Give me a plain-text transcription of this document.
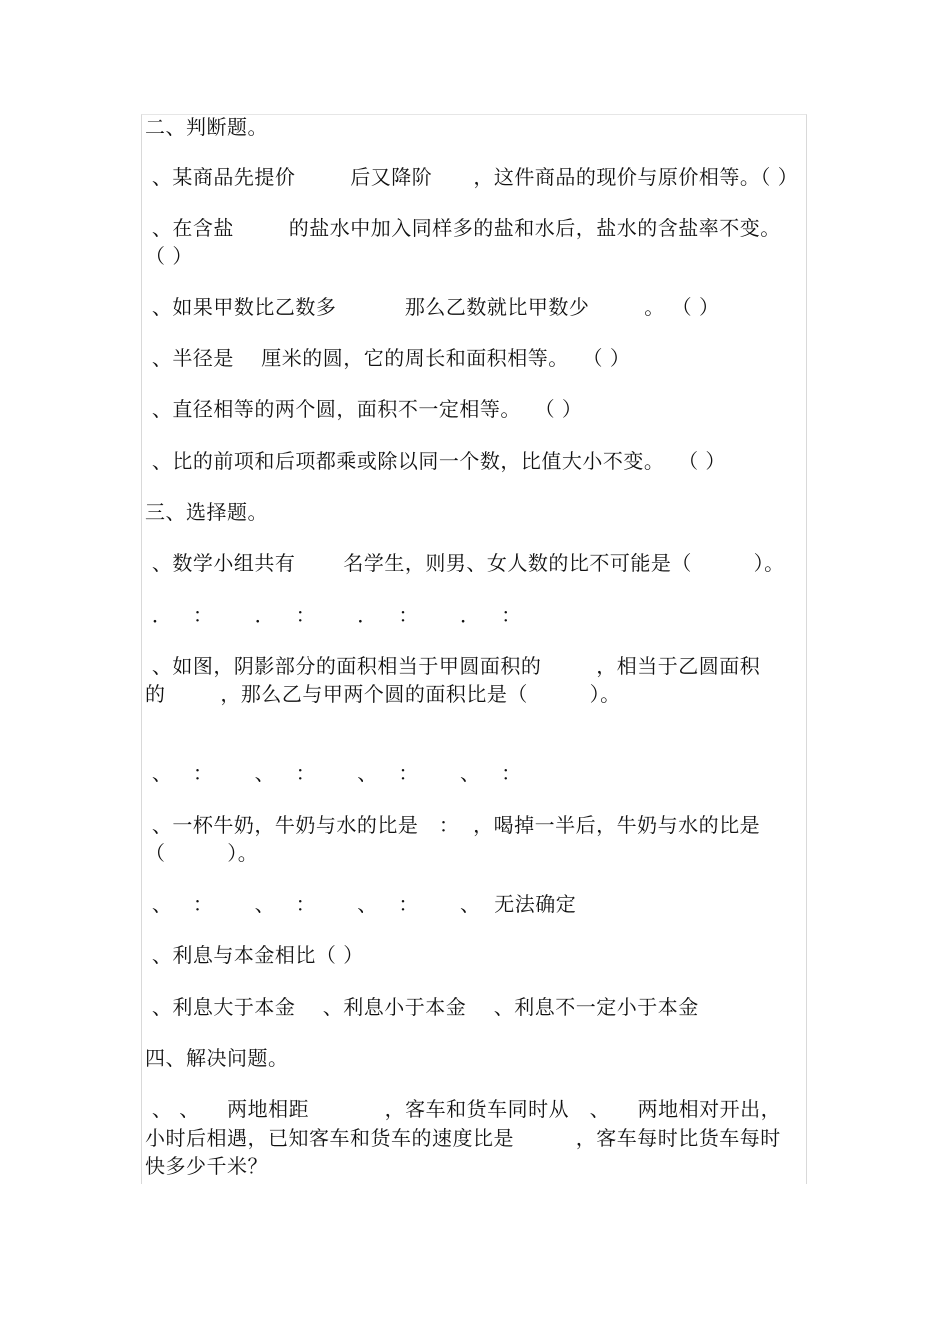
二、判断题。
、某商品先提价        后又降阶      ，这件商品的现价与原价相等。（ ）
、在含盐        的盐水中加入同样多的盐和水后，盐水的含盐率不变。
（ ）
、如果甲数比乙数多          那么乙数就比甲数少        。 （ ）
、半径是    厘米的圆，它的周长和面积相等。  （ ）
、直径相等的两个圆，面积不一定相等。  （ ）
、比的前项和后项都乘或除以同一个数，比值大小不变。  （ ）
三、选择题。
、数学小组共有       名学生，则男、女人数的比不可能是（         ）。
．   ：      ．   ：      ．   ：      ．   ：
、如图，阴影部分的面积相当于甲圆面积的        ，相当于乙圆面积
的        ，那么乙与甲两个圆的面积比是（         ）。
、   ：      、   ：      、   ：      、   ：
、一杯牛奶，牛奶与水的比是   ：  ，喝掉一半后，牛奶与水的比是
（         ）。
、   ：      、   ：      、   ：      、  无法确定
、利息与本金相比（ ）
、利息大于本金    、利息小于本金    、利息不一定小于本金
四、解决问题。
、 、    两地相距           ，客车和货车同时从   、    两地相对开出，
小时后相遇，已知客车和货车的速度比是         ，客车每时比货车每时
快多少千米？
